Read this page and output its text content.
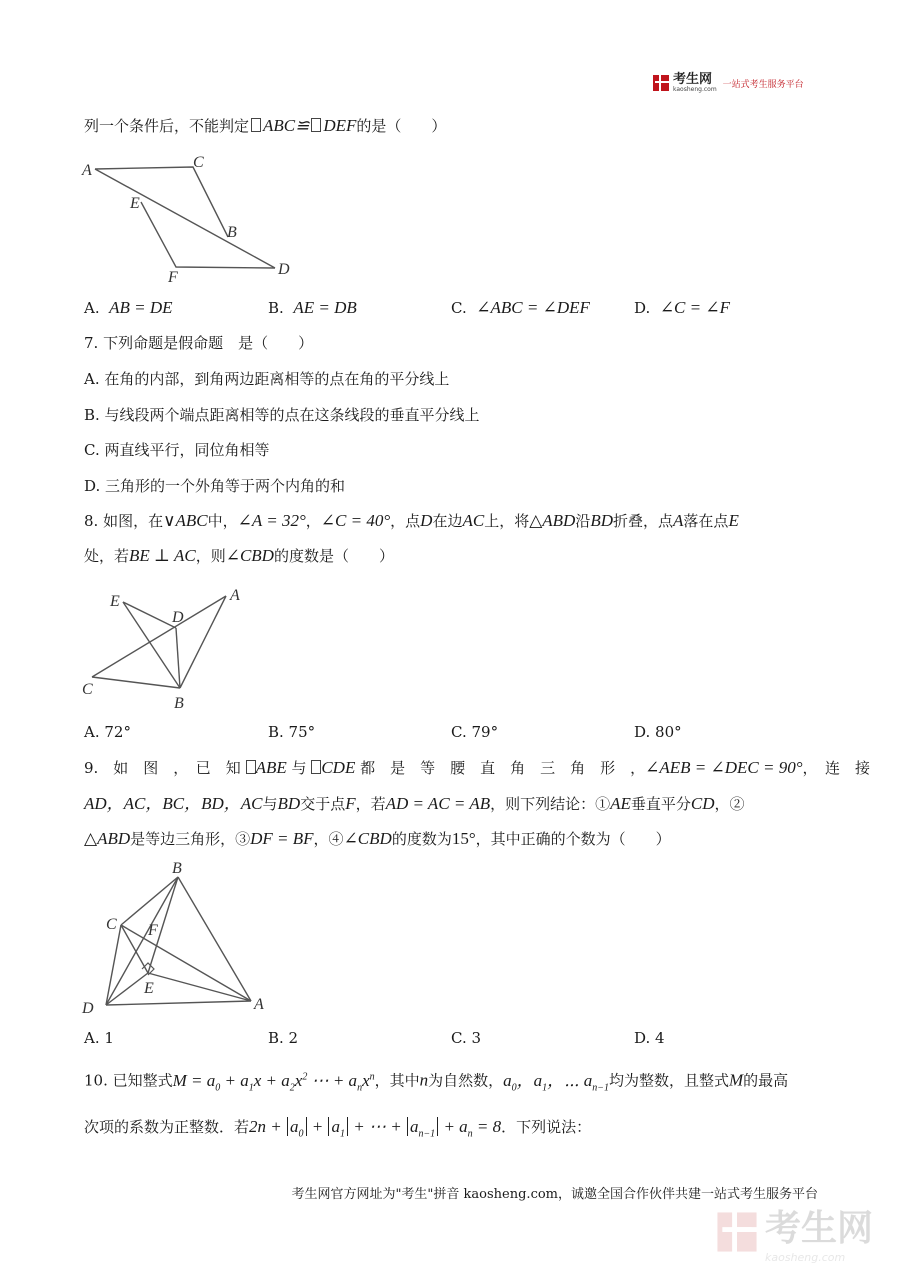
考生网
kaosheng.com 一站式考生服务平台
列一个条件后，不能判定 ABC≌ DEF的是（　　）
A	C
E
B
F	D
A. AB = DE	B. AE = DB	C. ∠ABC = ∠DEF	D. ∠C = ∠F
7. 下列命题是假命题　是（　　）
A. 在角的内部，到角两边距离相等的点在角的平分线上
B. 与线段两个端点距离相等的点在这条线段的垂直平分线上
C. 两直线平行，同位角相等
D. 三角形的一个外角等于两个内角的和
8. 如图，在∨ABC中，∠A = 32°，∠C = 40°，点D在边AC上，将△ABD沿BD折叠，点A落在点E
处，若BE ⊥ AC，则∠CBD的度数是（　　）
E
D
A
C
B
A. 72°	B. 75°	C. 79°	D. 80°
9.　如　图　，　已　知 ABE 与 CDE 都　是　等　腰　直　角　三　角　形　，∠AEB = ∠DEC = 90°，　连　接
AD，AC，BC，BD，AC与BD交于点F，若AD = AC = AB，则下列结论：①AE垂直平分CD，②
△ABD是等边三角形，③DF = BF，④∠CBD的度数为15°，其中正确的个数为（　　）
B
C F
E
D	A
A. 1	B. 2	C. 3	D. 4
10. 已知整式$M = a_0 + a_1x + a_2x^2$ ⋯ + $a_nx^n$，其中n为自然数，$a_0$，$a_1$，⋯ $a_{n-1}$均为整数，且整式M的最高
次项的系数为正整数．若$2n + a_0 + a_1$ + ⋯ + $a_{n-1} + a_n = 8$．下列说法：
考生网官方网址为"考生"拼音 kaosheng.com，诚邀全国合作伙伴共建一站式考生服务平台
考生网
kaosheng.com
